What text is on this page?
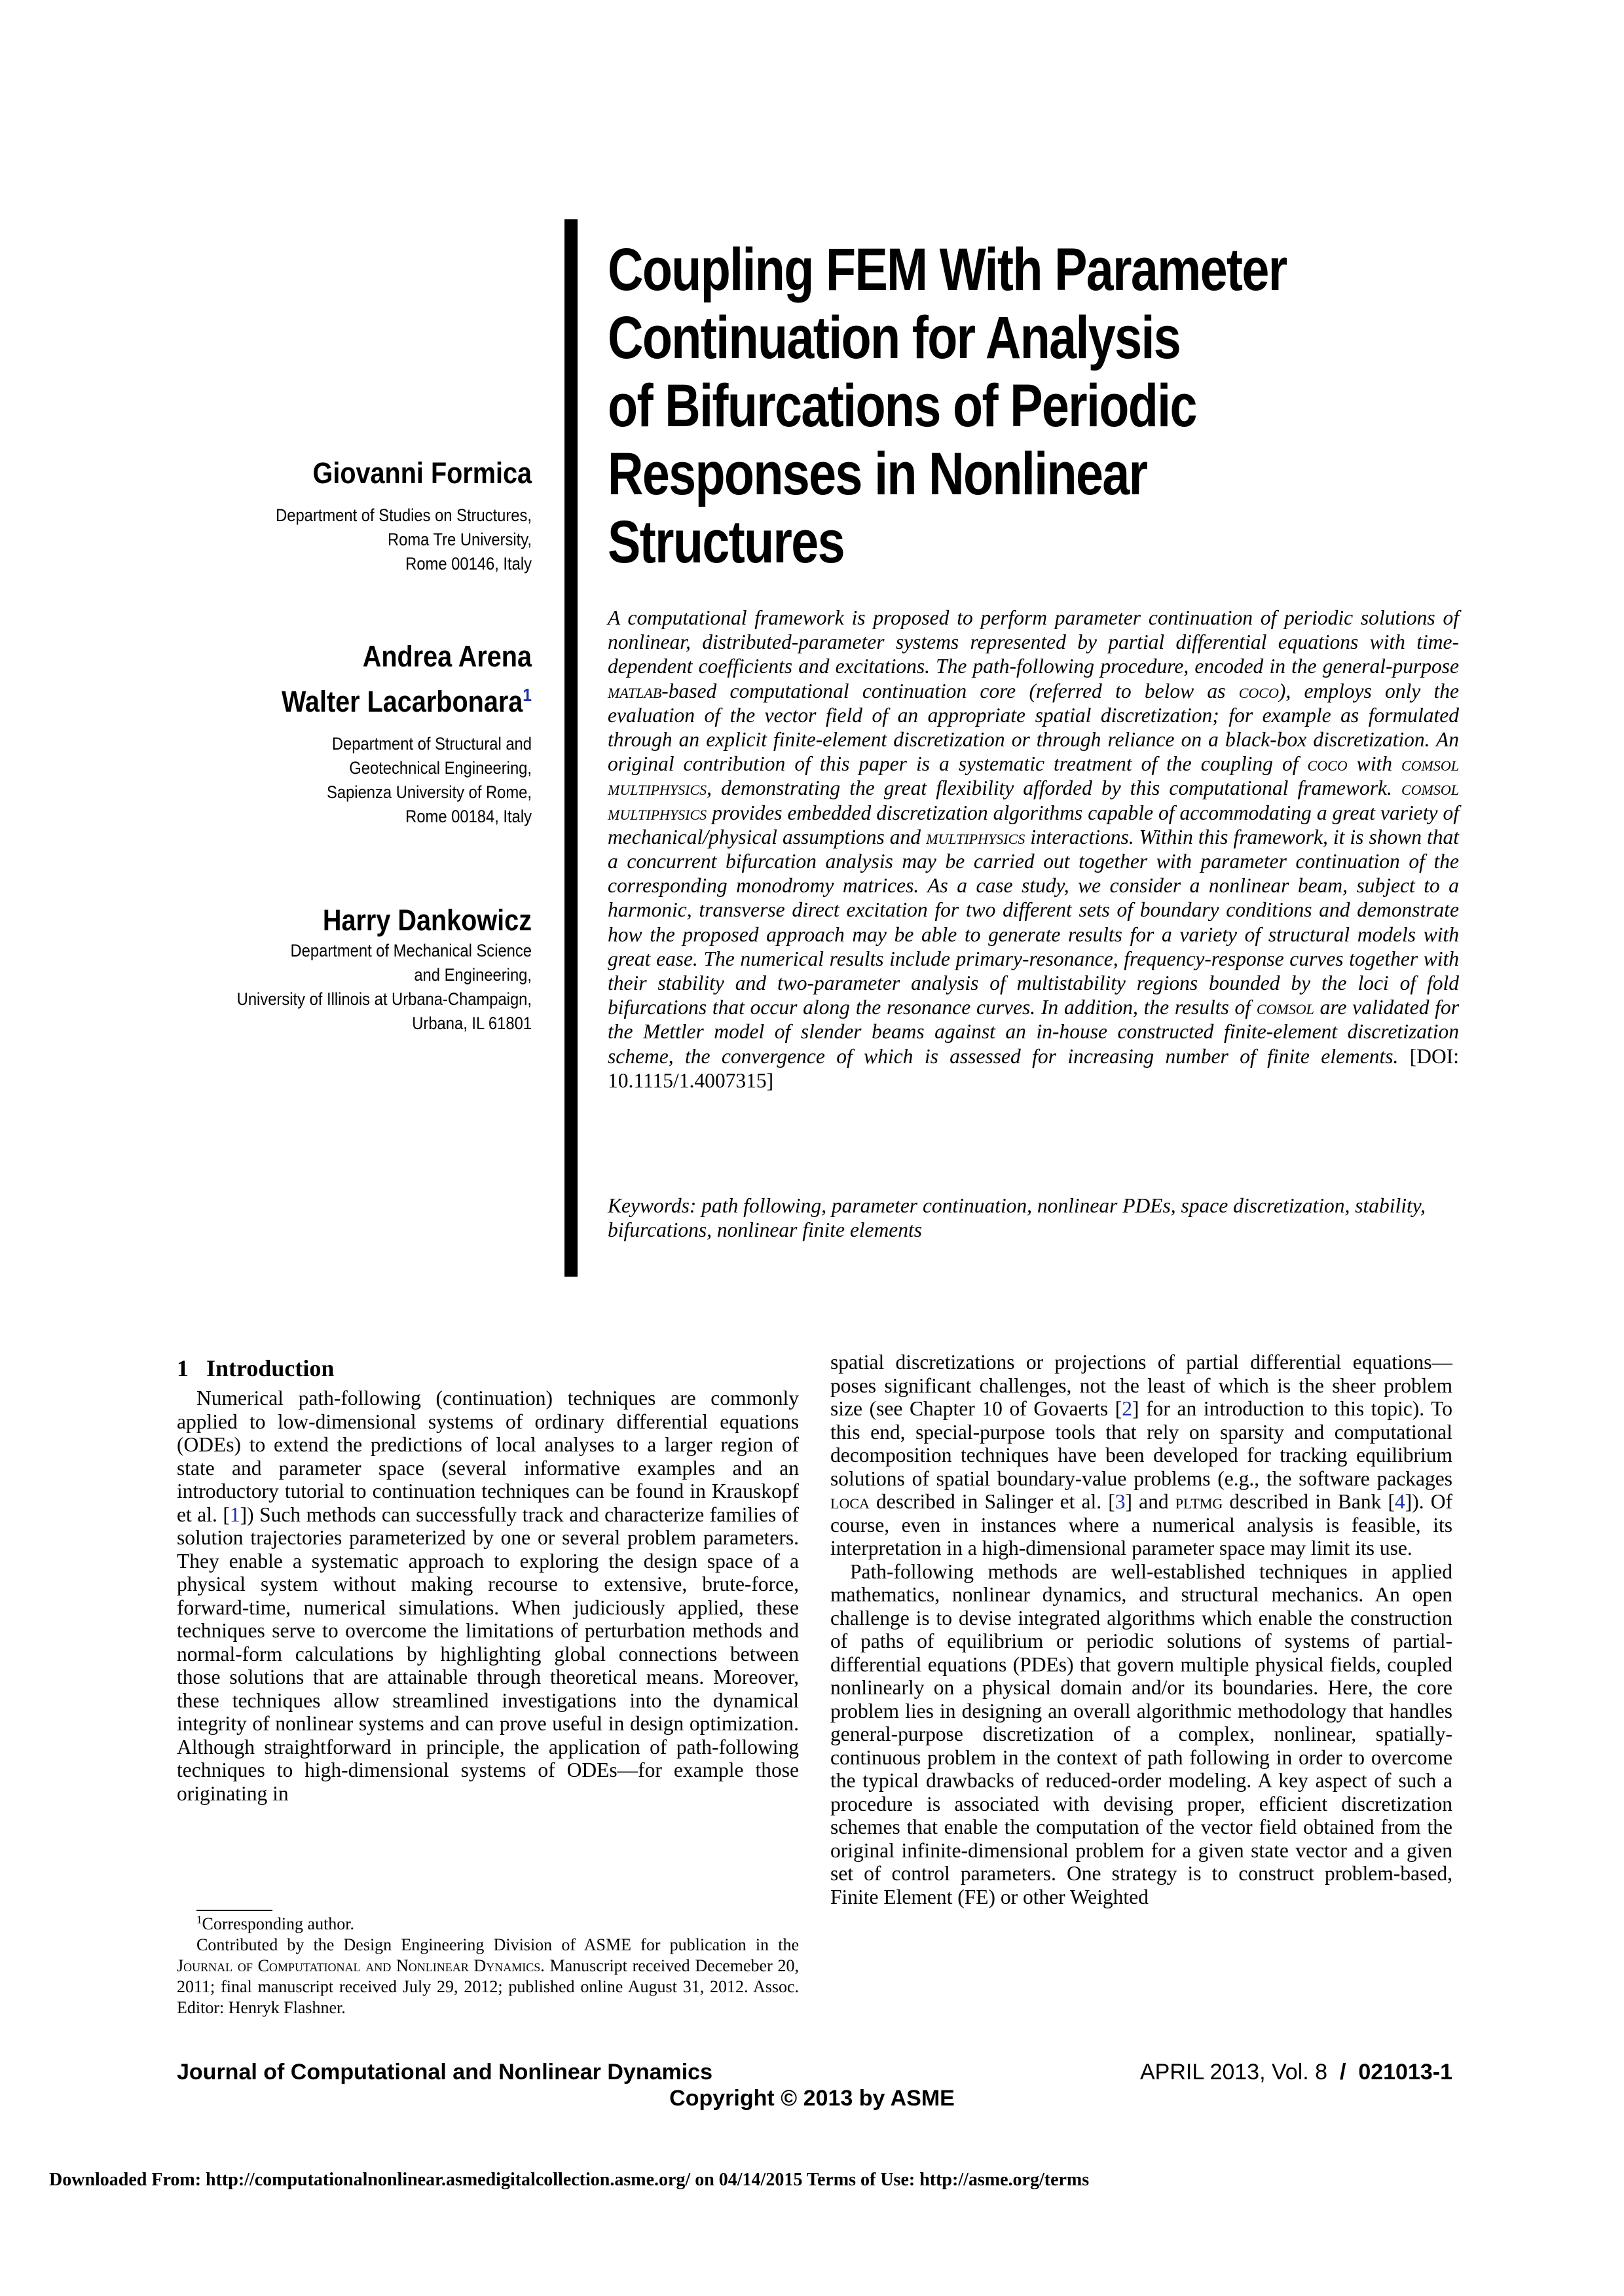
Coupling FEM With Parameter
Continuation for Analysis
of Bifurcations of Periodic
Responses in Nonlinear
Structures
Giovanni Formica
Department of Studies on Structures,
Roma Tre University,
Rome 00146, Italy
Andrea Arena
Walter Lacarbonara$^1$
Department of Structural and
Geotechnical Engineering,
Sapienza University of Rome,
Rome 00184, Italy
Harry Dankowicz
Department of Mechanical Science
and Engineering,
University of Illinois at Urbana-Champaign,
Urbana, IL 61801
A computational framework is proposed to perform parameter continuation of periodic solutions of nonlinear, distributed-parameter systems represented by partial differential equations with time-dependent coefficients and excitations. The path-following procedure, encoded in the general-purpose matlab-based computational continuation core (referred to below as coco), employs only the evaluation of the vector field of an appropriate spatial discretization; for example as formulated through an explicit finite-element discretization or through reliance on a black-box discretization. An original contribution of this paper is a systematic treatment of the coupling of coco with comsol multiphysics, demonstrating the great flexibility afforded by this computational framework. comsol multiphysics provides embedded discretization algorithms capable of accommodating a great variety of mechanical/physical assumptions and multiphysics interactions. Within this framework, it is shown that a concurrent bifurcation analysis may be carried out together with parameter continuation of the corresponding monodromy matrices. As a case study, we consider a nonlinear beam, subject to a harmonic, transverse direct excitation for two different sets of boundary conditions and demonstrate how the proposed approach may be able to generate results for a variety of structural models with great ease. The numerical results include primary-resonance, frequency-response curves together with their stability and two-parameter analysis of multistability regions bounded by the loci of fold bifurcations that occur along the resonance curves. In addition, the results of comsol are validated for the Mettler model of slender beams against an in-house constructed finite-element discretization scheme, the convergence of which is assessed for increasing number of finite elements. [DOI: 10.1115/1.4007315]
Keywords: path following, parameter continuation, nonlinear PDEs, space discretization, stability, bifurcations, nonlinear finite elements
1 Introduction

Numerical path-following (continuation) techniques are commonly applied to low-dimensional systems of ordinary differential equations (ODEs) to extend the predictions of local analyses to a larger region of state and parameter space (several informative examples and an introductory tutorial to continuation techniques can be found in Krauskopf et al. [1]) Such methods can successfully track and characterize families of solution trajectories parameterized by one or several problem parameters. They enable a systematic approach to exploring the design space of a physical system without making recourse to extensive, brute-force, forward-time, numerical simulations. When judiciously applied, these techniques serve to overcome the limitations of perturbation methods and normal-form calculations by highlighting global connections between those solutions that are attainable through theoretical means. Moreover, these techniques allow streamlined investigations into the dynamical integrity of nonlinear systems and can prove useful in design optimization. Although straightforward in principle, the application of path-following techniques to high-dimensional systems of ODEs—for example those originating in

spatial discretizations or projections of partial differential equations—poses significant challenges, not the least of which is the sheer problem size (see Chapter 10 of Govaerts [2] for an introduction to this topic). To this end, special-purpose tools that rely on sparsity and computational decomposition techniques have been developed for tracking equilibrium solutions of spatial boundary-value problems (e.g., the software packages loca described in Salinger et al. [3] and pltmg described in Bank [4]). Of course, even in instances where a numerical analysis is feasible, its interpretation in a high-dimensional parameter space may limit its use.

Path-following methods are well-established techniques in applied mathematics, nonlinear dynamics, and structural mechanics. An open challenge is to devise integrated algorithms which enable the construction of paths of equilibrium or periodic solutions of systems of partial-differential equations (PDEs) that govern multiple physical fields, coupled nonlinearly on a physical domain and/or its boundaries. Here, the core problem lies in designing an overall algorithmic methodology that handles general-purpose discretization of a complex, nonlinear, spatially-continuous problem in the context of path following in order to overcome the typical drawbacks of reduced-order modeling. A key aspect of such a procedure is associated with devising proper, efficient discretization schemes that enable the computation of the vector field obtained from the original infinite-dimensional problem for a given state vector and a given set of control parameters. One strategy is to construct problem-based, Finite Element (FE) or other Weighted

$^1$Corresponding author.

Contributed by the Design Engineering Division of ASME for publication in the Journal of Computational and Nonlinear Dynamics. Manuscript received Decemeber 20, 2011; final manuscript received July 29, 2012; published online August 31, 2012. Assoc. Editor: Henryk Flashner.

Journal of Computational and Nonlinear Dynamics	APRIL 2013, Vol. 8 / 021013-1
Copyright © 2013 by ASME
Downloaded From: http://computationalnonlinear.asmedigitalcollection.asme.org/ on 04/14/2015 Terms of Use: http://asme.org/terms
